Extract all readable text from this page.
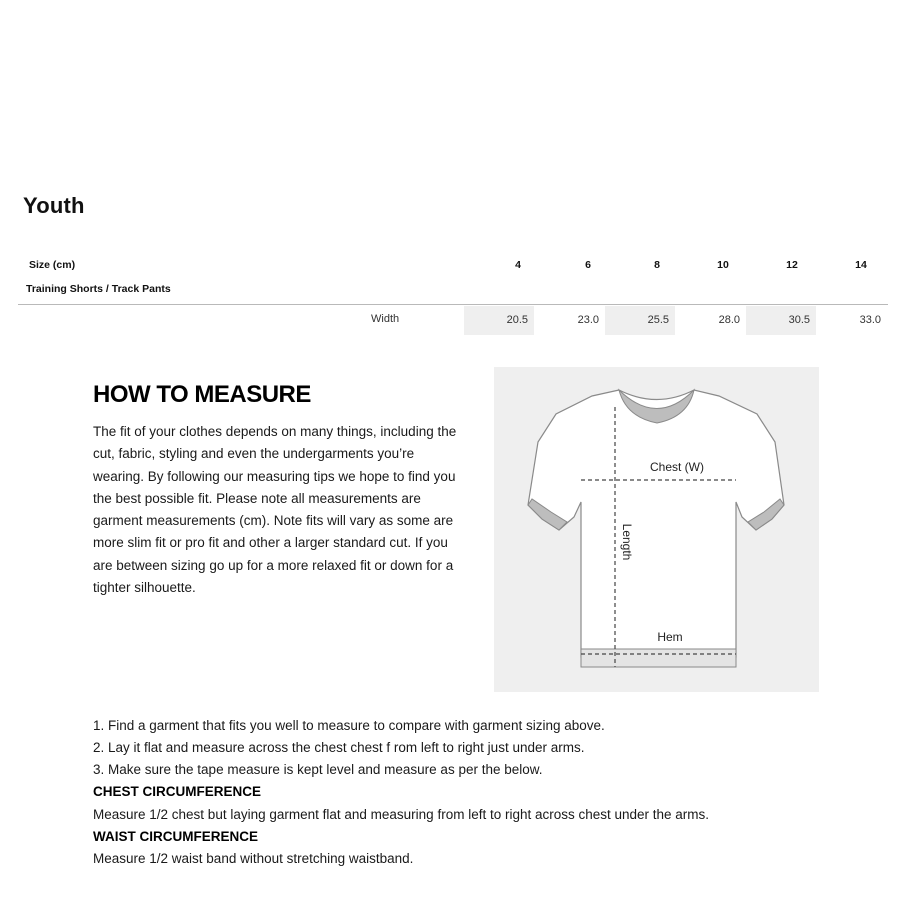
Youth
Size (cm)	4	6	8	10	12	14
Training Shorts / Track Pants
Width	20.5	23.0	25.5	28.0	30.5	33.0
HOW TO MEASURE
The fit of your clothes depends on many things, including the cut, fabric, styling and even the undergarments you’re wearing. By following our measuring tips we hope to find you the best possible fit. Please note all measurements are garment measurements (cm). Note fits will vary as some are more slim fit or pro fit and other a larger standard cut. If you are between sizing go up for a more relaxed fit or down for a tighter silhouette.
Chest (W)
Length
Hem
1. Find a garment that fits you well to measure to compare with garment sizing above.
2. Lay it flat and measure across the chest chest f rom left to right just under arms.
3. Make sure the tape measure is kept level and measure as per the below.
CHEST CIRCUMFERENCE
Measure 1/2 chest but laying garment flat and measuring from left to right across chest under the arms.
WAIST CIRCUMFERENCE
Measure 1/2 waist band without stretching waistband.
